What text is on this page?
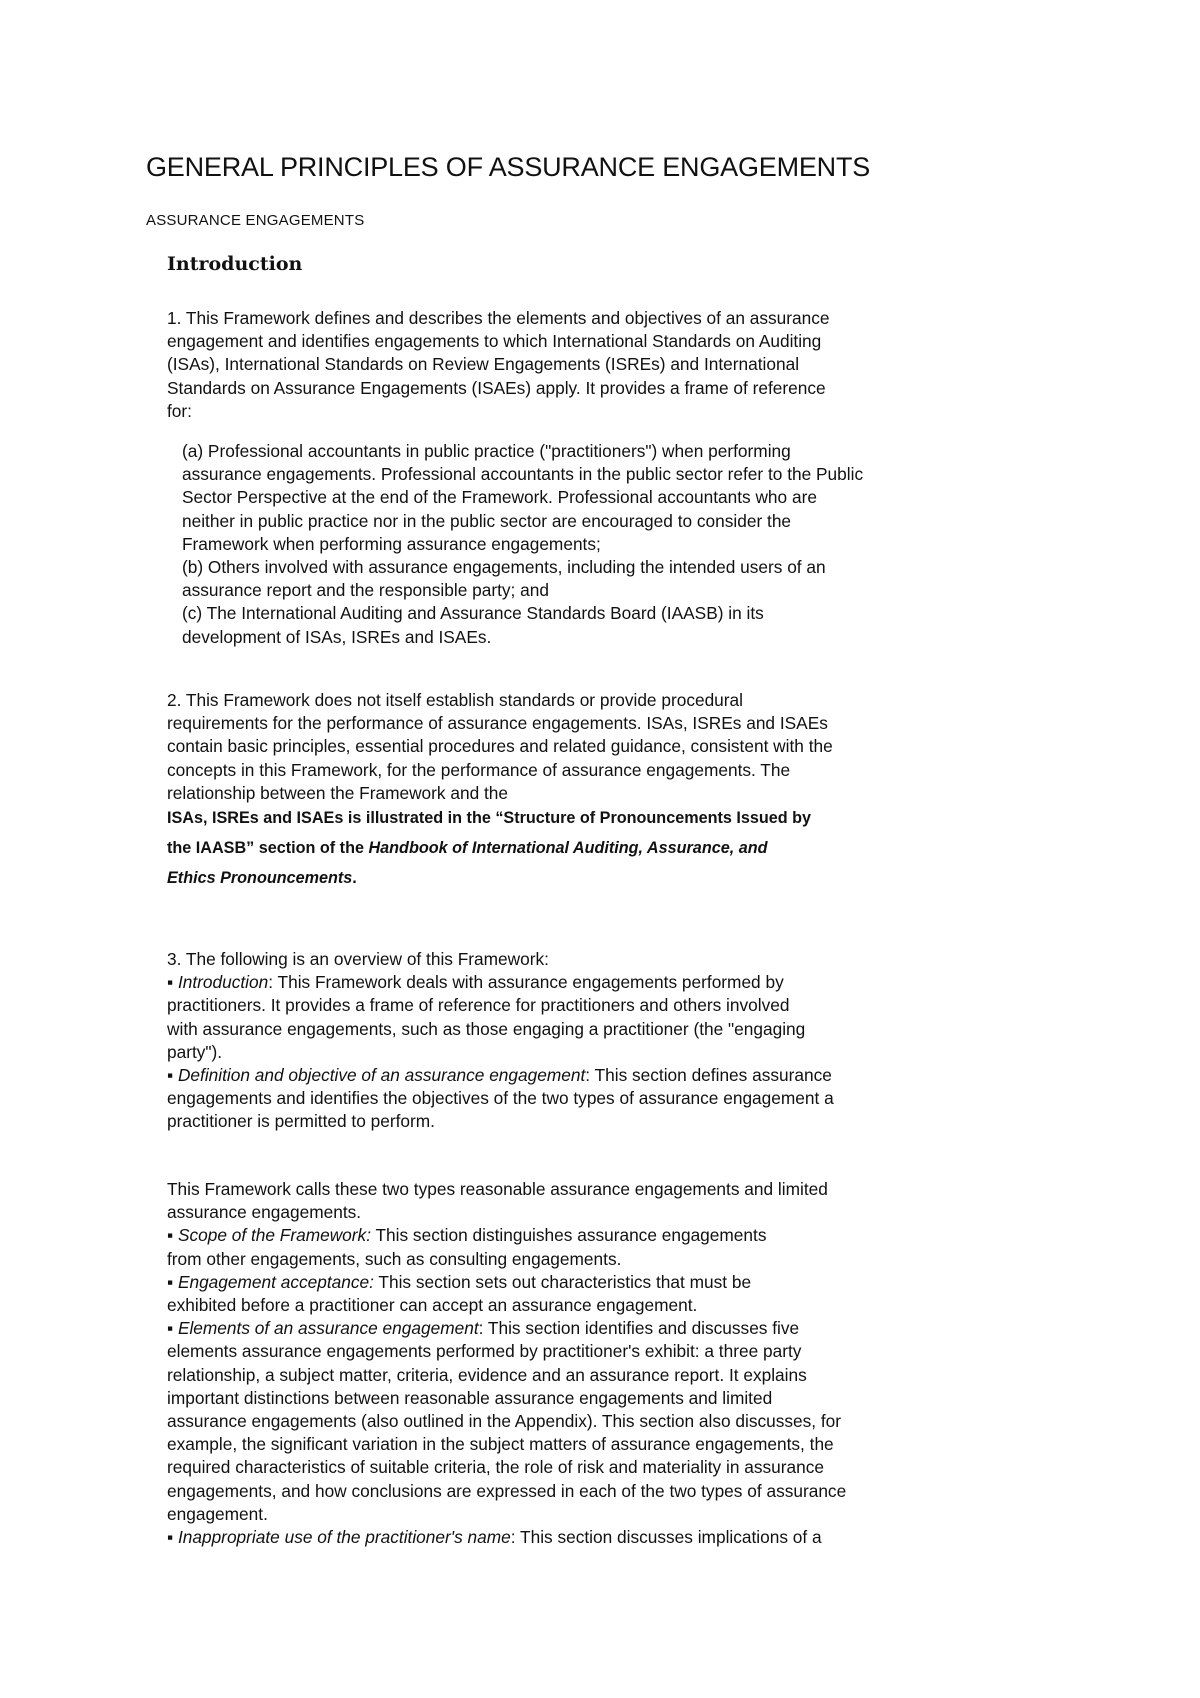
GENERAL PRINCIPLES OF ASSURANCE ENGAGEMENTS
ASSURANCE ENGAGEMENTS
Introduction
1. This Framework defines and describes the elements and objectives of an assurance
engagement and identifies engagements to which International Standards on Auditing
(ISAs), International Standards on Review Engagements (ISREs) and International
Standards on Assurance Engagements (ISAEs) apply. It provides a frame of reference
for:
(a) Professional accountants in public practice ("practitioners") when performing
assurance engagements. Professional accountants in the public sector refer to the Public
Sector Perspective at the end of the Framework. Professional accountants who are
neither in public practice nor in the public sector are encouraged to consider the
Framework when performing assurance engagements;
(b) Others involved with assurance engagements, including the intended users of an
assurance report and the responsible party; and
(c) The International Auditing and Assurance Standards Board (IAASB) in its
development of ISAs, ISREs and ISAEs.
2. This Framework does not itself establish standards or provide procedural
requirements for the performance of assurance engagements. ISAs, ISREs and ISAEs
contain basic principles, essential procedures and related guidance, consistent with the
concepts in this Framework, for the performance of assurance engagements. The
relationship between the Framework and the
ISAs, ISREs and ISAEs is illustrated in the “Structure of Pronouncements Issued by
the IAASB” section of the Handbook of International Auditing, Assurance, and
Ethics Pronouncements.
3. The following is an overview of this Framework:
▪ Introduction: This Framework deals with assurance engagements performed by
practitioners. It provides a frame of reference for practitioners and others involved
with assurance engagements, such as those engaging a practitioner (the "engaging
party").
▪ Definition and objective of an assurance engagement: This section defines assurance
engagements and identifies the objectives of the two types of assurance engagement a
practitioner is permitted to perform.
This Framework calls these two types reasonable assurance engagements and limited
assurance engagements.
▪ Scope of the Framework: This section distinguishes assurance engagements
from other engagements, such as consulting engagements.
▪ Engagement acceptance: This section sets out characteristics that must be
exhibited before a practitioner can accept an assurance engagement.
▪ Elements of an assurance engagement: This section identifies and discusses five
elements assurance engagements performed by practitioner's exhibit: a three party
relationship, a subject matter, criteria, evidence and an assurance report. It explains
important distinctions between reasonable assurance engagements and limited
assurance engagements (also outlined in the Appendix). This section also discusses, for
example, the significant variation in the subject matters of assurance engagements, the
required characteristics of suitable criteria, the role of risk and materiality in assurance
engagements, and how conclusions are expressed in each of the two types of assurance
engagement.
▪ Inappropriate use of the practitioner's name: This section discusses implications of a
